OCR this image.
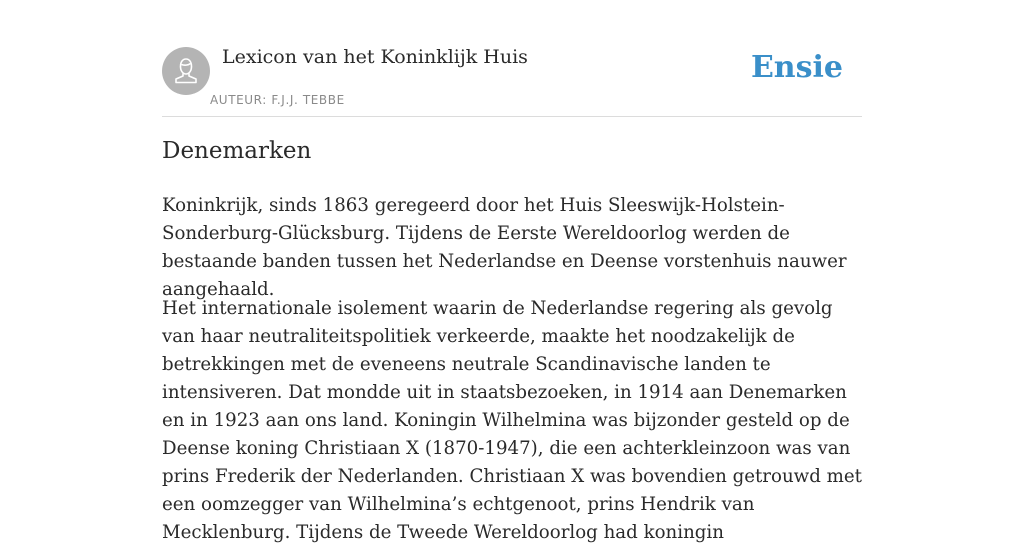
Lexicon van het Koninklijk Huis
AUTEUR: F.J.J. TEBBE
Ensie
Denemarken

Koninkrijk, sinds 1863 geregeerd door het Huis Sleeswijk-Holstein-Sonderburg-Glücksburg. Tijdens de Eerste Wereldoorlog werden de bestaande banden tussen het Nederlandse en Deense vorstenhuis nauwer aangehaald.

Het internationale isolement waarin de Nederlandse regering als gevolg van haar neutraliteitspolitiek verkeerde, maakte het noodzakelijk de betrekkingen met de eveneens neutrale Scandinavische landen te intensiveren. Dat mondde uit in staatsbezoeken, in 1914 aan Denemarken en in 1923 aan ons land. Koningin Wilhelmina was bijzonder gesteld op de Deense koning Christiaan X (1870-1947), die een achterkleinzoon was van prins Frederik der Nederlanden. Christiaan X was bovendien getrouwd met een oomzegger van Wilhelmina’s echtgenoot, prins Hendrik van Mecklenburg. Tijdens de Tweede Wereldoorlog had koningin
